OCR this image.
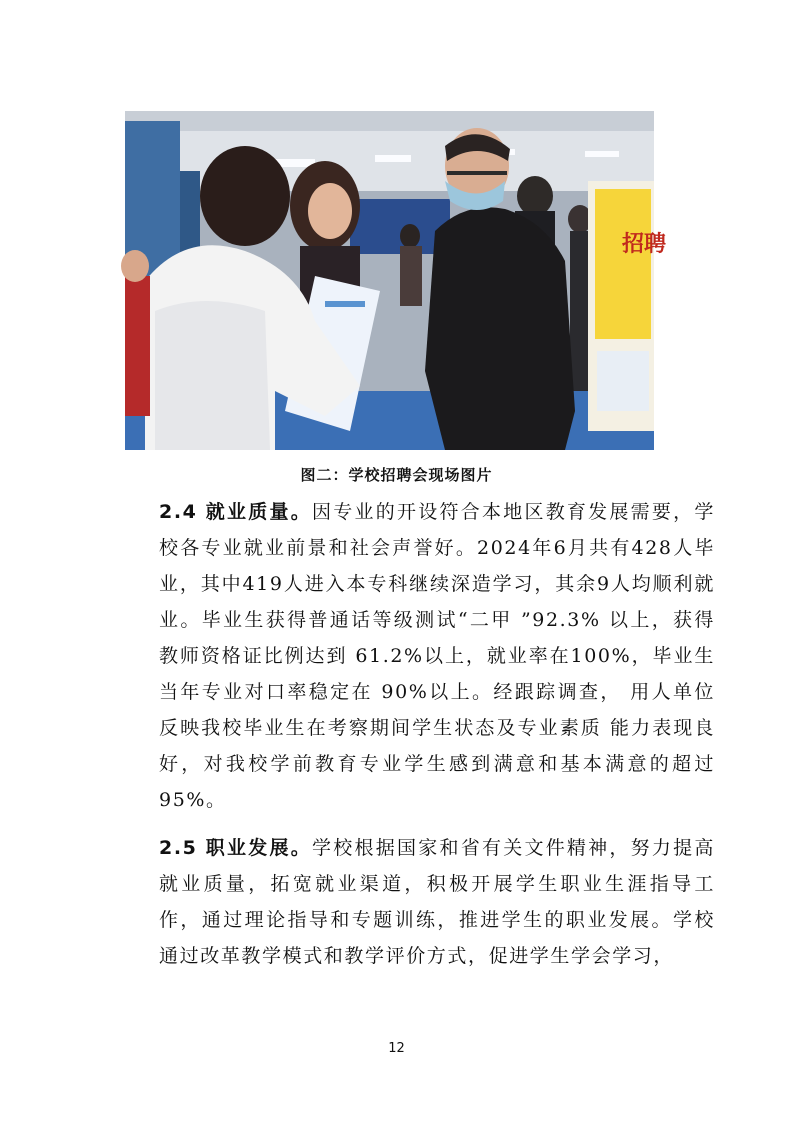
招聘
图二：学校招聘会现场图片
2.4 就业质量。因专业的开设符合本地区教育发展需要，学校各专业就业前景和社会声誉好。2024年6月共有428人毕业，其中419人进入本专科继续深造学习，其余9人均顺利就业。毕业生获得普通话等级测试“二甲 ”92.3% 以上，获得教师资格证比例达到 61.2%以上，就业率在100%，毕业生当年专业对口率稳定在 90%以上。经跟踪调查， 用人单位反映我校毕业生在考察期间学生状态及专业素质 能力表现良好，对我校学前教育专业学生感到满意和基本满意的超过95%。
2.5 职业发展。学校根据国家和省有关文件精神，努力提高就业质量，拓宽就业渠道，积极开展学生职业生涯指导工作，通过理论指导和专题训练，推进学生的职业发展。学校通过改革教学模式和教学评价方式，促进学生学会学习，
12
